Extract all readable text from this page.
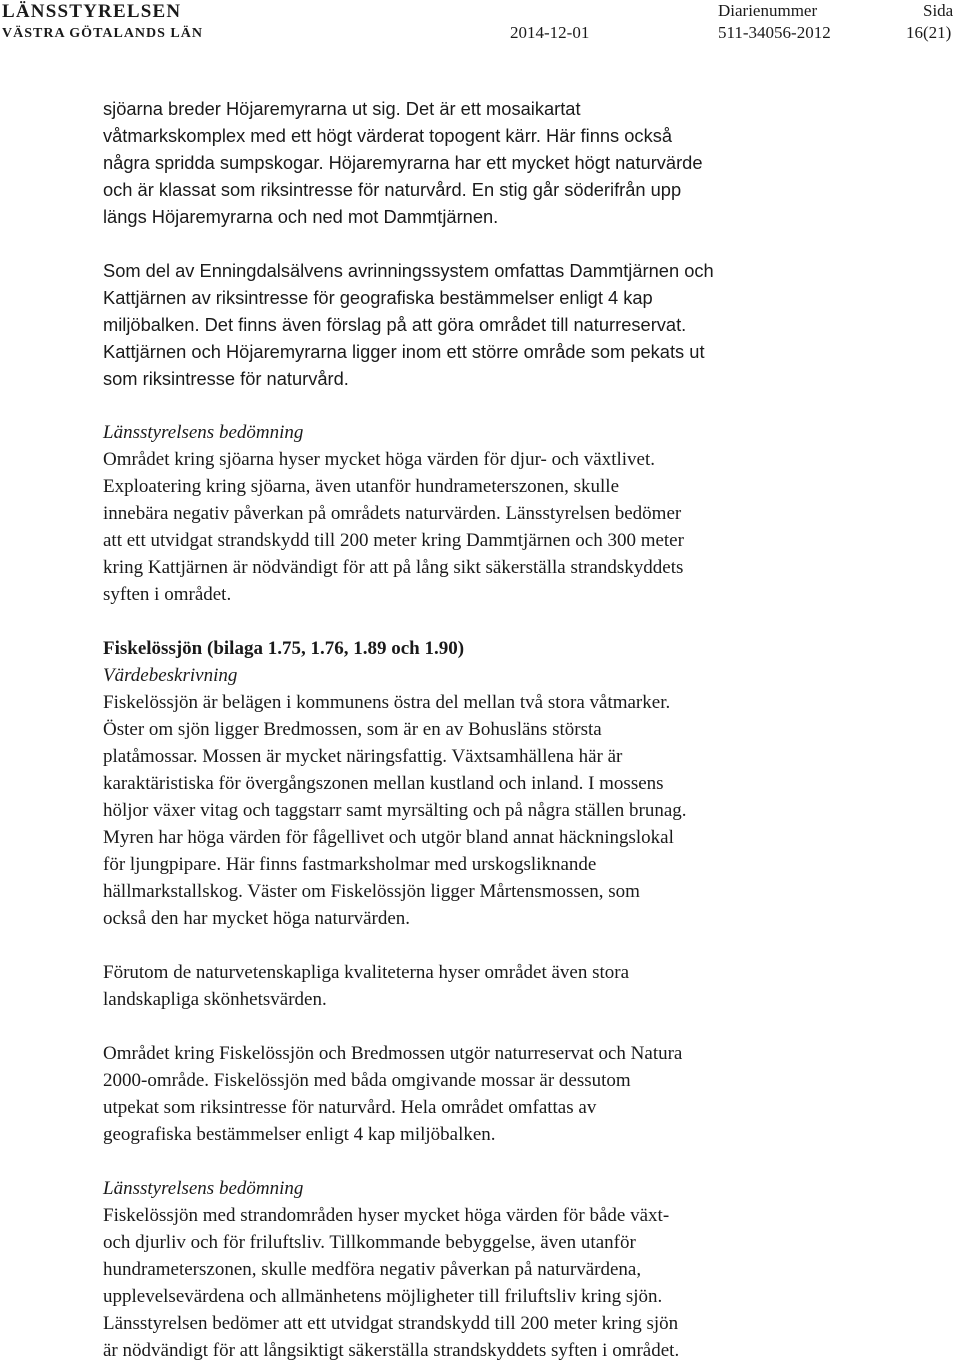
LÄNSSTYRELSEN
VÄSTRA GÖTALANDS LÄN	2014-12-01
Diarienummer
511-34056-2012
Sida
16(21)
sjöarna breder Höjaremyrarna ut sig. Det är ett mosaikartat
våtmarkskomplex med ett högt värderat topogent kärr. Här finns också
några spridda sumpskogar. Höjaremyrarna har ett mycket högt naturvärde
och är klassat som riksintresse för naturvård. En stig går söderifrån upp
längs Höjaremyrarna och ned mot Dammtjärnen.
Som del av Enningdalsälvens avrinningssystem omfattas Dammtjärnen och
Kattjärnen av riksintresse för geografiska bestämmelser enligt 4 kap
miljöbalken. Det finns även förslag på att göra området till naturreservat.
Kattjärnen och Höjaremyrarna ligger inom ett större område som pekats ut
som riksintresse för naturvård.
Länsstyrelsens bedömning
Området kring sjöarna hyser mycket höga värden för djur- och växtlivet.
Exploatering kring sjöarna, även utanför hundrameterszonen, skulle
innebära negativ påverkan på områdets naturvärden. Länsstyrelsen bedömer
att ett utvidgat strandskydd till 200 meter kring Dammtjärnen och 300 meter
kring Kattjärnen är nödvändigt för att på lång sikt säkerställa strandskyddets
syften i området.
Fiskelössjön (bilaga 1.75, 1.76, 1.89 och 1.90)
Värdebeskrivning
Fiskelössjön är belägen i kommunens östra del mellan två stora våtmarker.
Öster om sjön ligger Bredmossen, som är en av Bohusläns största
platåmossar. Mossen är mycket näringsfattig. Växtsamhällena här är
karaktäristiska för övergångszonen mellan kustland och inland. I mossens
höljor växer vitag och taggstarr samt myrsälting och på några ställen brunag.
Myren har höga värden för fågellivet och utgör bland annat häckningslokal
för ljungpipare. Här finns fastmarksholmar med urskogsliknande
hällmarkstallskog. Väster om Fiskelössjön ligger Mårtensmossen, som
också den har mycket höga naturvärden.
Förutom de naturvetenskapliga kvaliteterna hyser området även stora
landskapliga skönhetsvärden.
Området kring Fiskelössjön och Bredmossen utgör naturreservat och Natura
2000-område. Fiskelössjön med båda omgivande mossar är dessutom
utpekat som riksintresse för naturvård. Hela området omfattas av
geografiska bestämmelser enligt 4 kap miljöbalken.
Länsstyrelsens bedömning
Fiskelössjön med strandområden hyser mycket höga värden för både växt-
och djurliv och för friluftsliv. Tillkommande bebyggelse, även utanför
hundrameterszonen, skulle medföra negativ påverkan på naturvärdena,
upplevelsevärdena och allmänhetens möjligheter till friluftsliv kring sjön.
Länsstyrelsen bedömer att ett utvidgat strandskydd till 200 meter kring sjön
är nödvändigt för att långsiktigt säkerställa strandskyddets syften i området.
